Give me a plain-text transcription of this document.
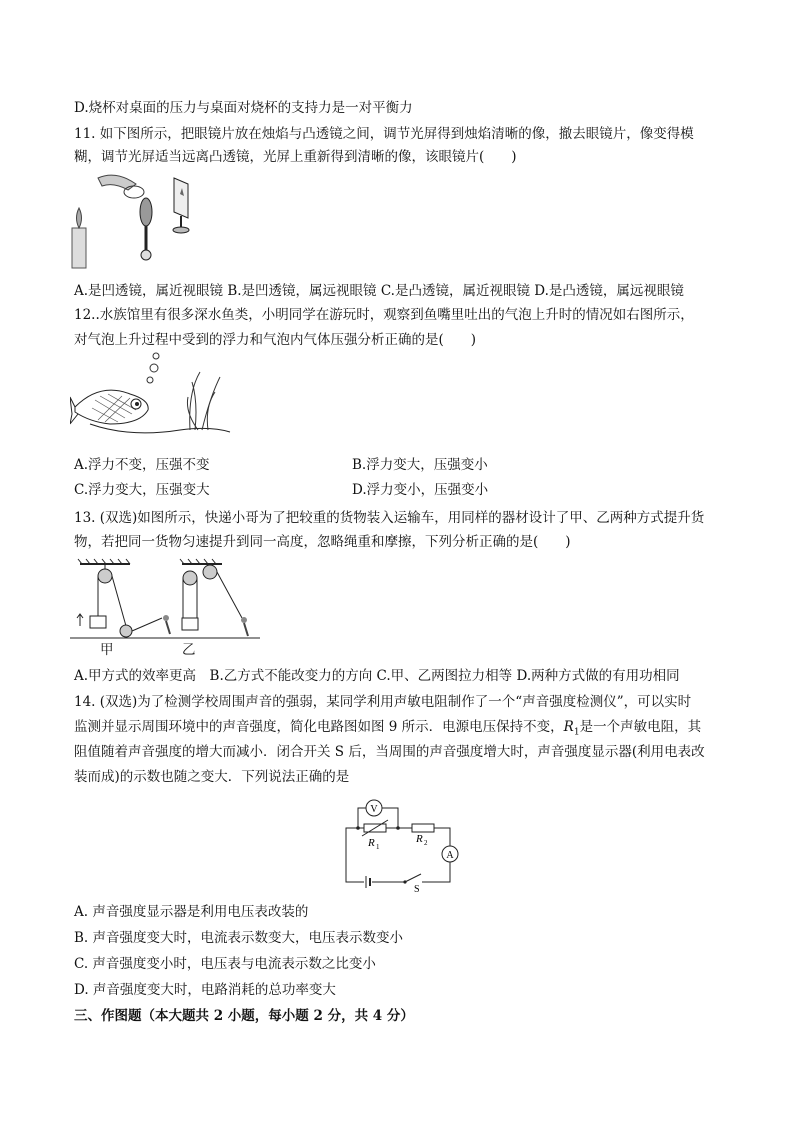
D.烧杯对桌面的压力与桌面对烧杯的支持力是一对平衡力
11. 如下图所示，把眼镜片放在烛焰与凸透镜之间，调节光屏得到烛焰清晰的像，撤去眼镜片，像变得模
糊，调节光屏适当远离凸透镜，光屏上重新得到清晰的像，该眼镜片(　　)
A.是凹透镜，属近视眼镜 B.是凹透镜，属远视眼镜 C.是凸透镜，属近视眼镜 D.是凸透镜，属远视眼镜
12..水族馆里有很多深水鱼类，小明同学在游玩时，观察到鱼嘴里吐出的气泡上升时的情况如右图所示，
对气泡上升过程中受到的浮力和气泡内气体压强分析正确的是(　　)
A.浮力不变，压强不变	B.浮力变大，压强变小
C.浮力变大，压强变大	D.浮力变小，压强变小
13. (双选)如图所示，快递小哥为了把较重的货物装入运输车，用同样的器材设计了甲、乙两种方式提升货
物，若把同一货物匀速提升到同一高度，忽略绳重和摩擦，下列分析正确的是(　　)
甲	乙
A.甲方式的效率更高　B.乙方式不能改变力的方向 C.甲、乙两图拉力相等 D.两种方式做的有用功相同
14. (双选)为了检测学校周围声音的强弱，某同学利用声敏电阻制作了一个“声音强度检测仪”，可以实时
监测并显示周围环境中的声音强度，简化电路图如图 9 所示．电源电压保持不变，$R_1$是一个声敏电阻，其
阻值随着声音强度的增大而减小．闭合开关 S 后，当周围的声音强度增大时，声音强度显示器(利用电表改
装而成)的示数也随之变大．下列说法正确的是
V
R 1
R 2
A
S
A. 声音强度显示器是利用电压表改装的
B. 声音强度变大时，电流表示数变大，电压表示数变小
C. 声音强度变小时，电压表与电流表示数之比变小
D. 声音强度变大时，电路消耗的总功率变大
三、作图题（本大题共 2 小题，每小题 2 分，共 4 分）
